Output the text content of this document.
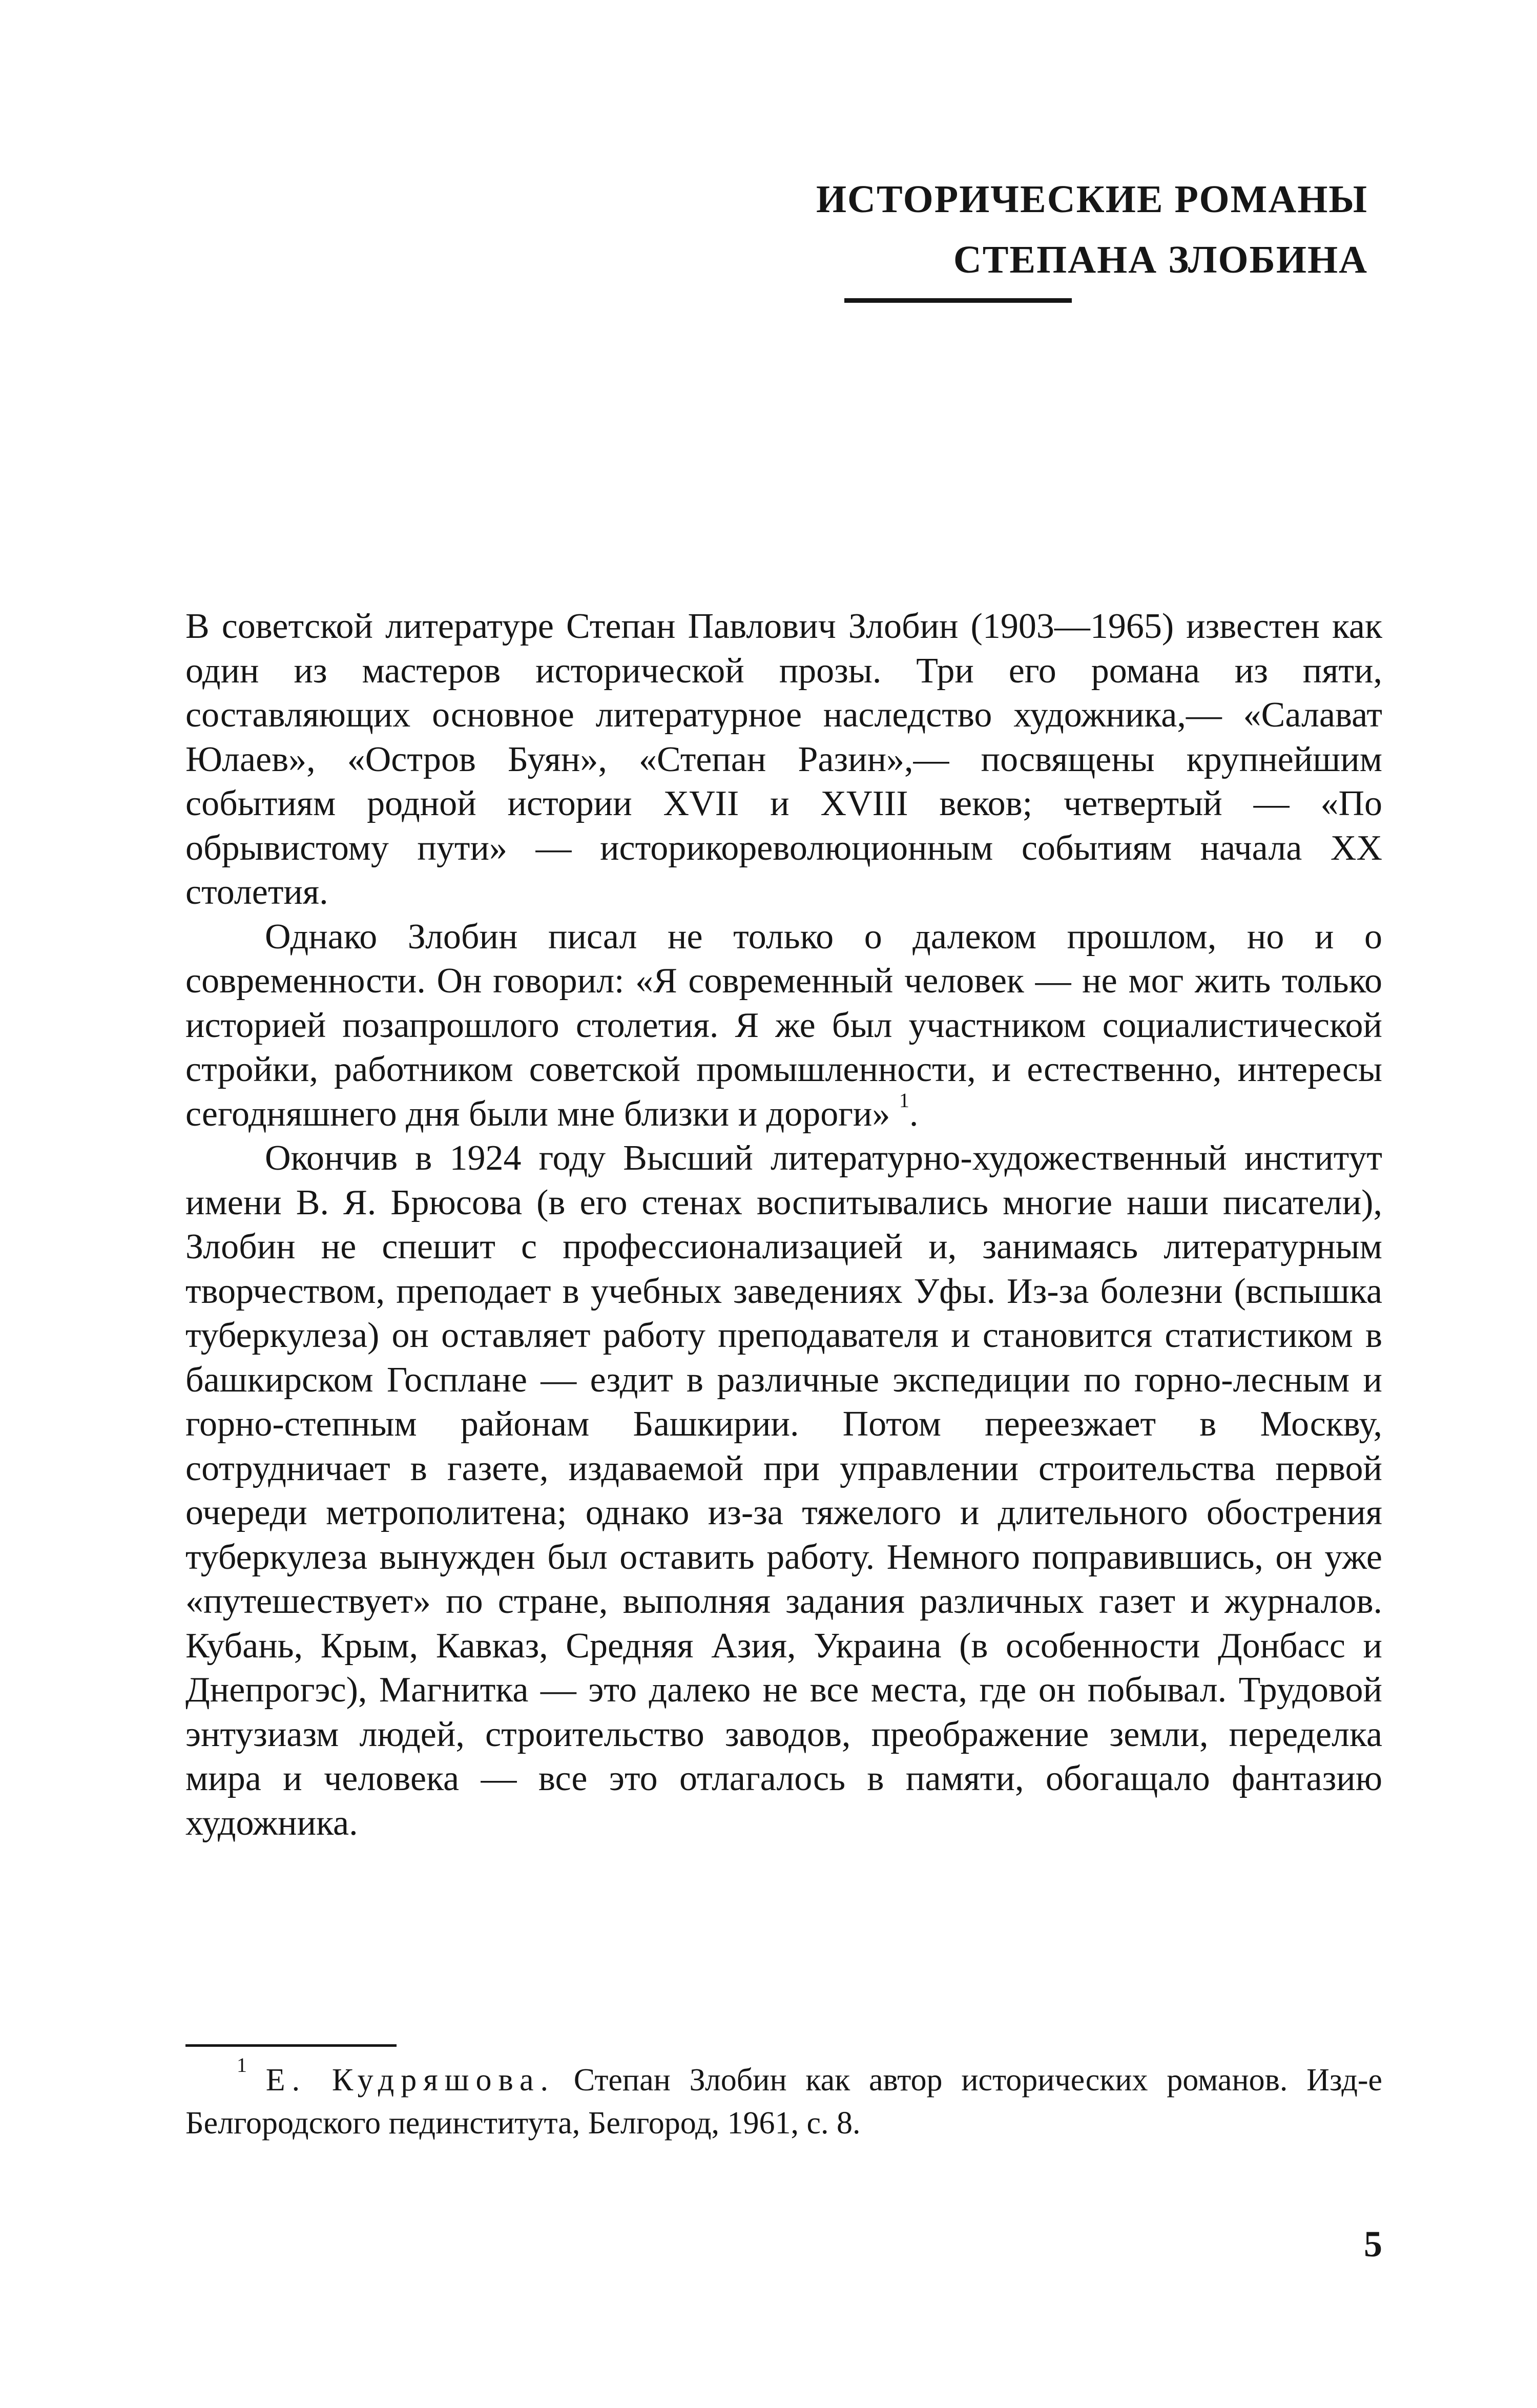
ИСТОРИЧЕСКИЕ РОМАНЫ
СТЕПАНА ЗЛОБИНА

В советской литературе Степан Павлович Злобин (1903—1965) известен как один из мастеров исторической прозы. Три его романа из пяти, составляющих основное литературное наследство художника,— «Салават Юлаев», «Остров Буян», «Степан Разин»,— посвящены крупнейшим событиям родной истории XVII и XVIII веков; четвертый — «По обрывистому пути» — историкореволюционным событиям начала XX столетия.

Однако Злобин писал не только о далеком прошлом, но и о современности. Он говорил: «Я современный человек — не мог жить только историей позапрошлого столетия. Я же был участником социалистической стройки, работником советской промышленности, и естественно, интересы сегодняшнего дня были мне близки и дороги» $^1$.

Окончив в 1924 году Высший литературно-художественный институт имени В. Я. Брюсова (в его стенах воспитывались многие наши писатели), Злобин не спешит с профессионализацией и, занимаясь литературным творчеством, преподает в учебных заведениях Уфы. Из-за болезни (вспышка туберкулеза) он оставляет работу преподавателя и становится статистиком в башкирском Госплане — ездит в различные экспедиции по горно-лесным и горно-степным районам Башкирии. Потом переезжает в Москву, сотрудничает в газете, издаваемой при управлении строительства первой очереди метрополитена; однако из-за тяжелого и длительного обострения туберкулеза вынужден был оставить работу. Немного поправившись, он уже «путешествует» по стране, выполняя задания различных газет и журналов. Кубань, Крым, Кавказ, Средняя Азия, Украина (в особенности Донбасс и Днепрогэс), Магнитка — это далеко не все места, где он побывал. Трудовой энтузиазм людей, строительство заводов, преображение земли, переделка мира и человека — все это отлагалось в памяти, обогащало фантазию художника.

$^1$ Е. Кудряшова. Степан Злобин как автор исторических романов. Изд-е Белгородского пединститута, Белгород, 1961, с. 8.

5
